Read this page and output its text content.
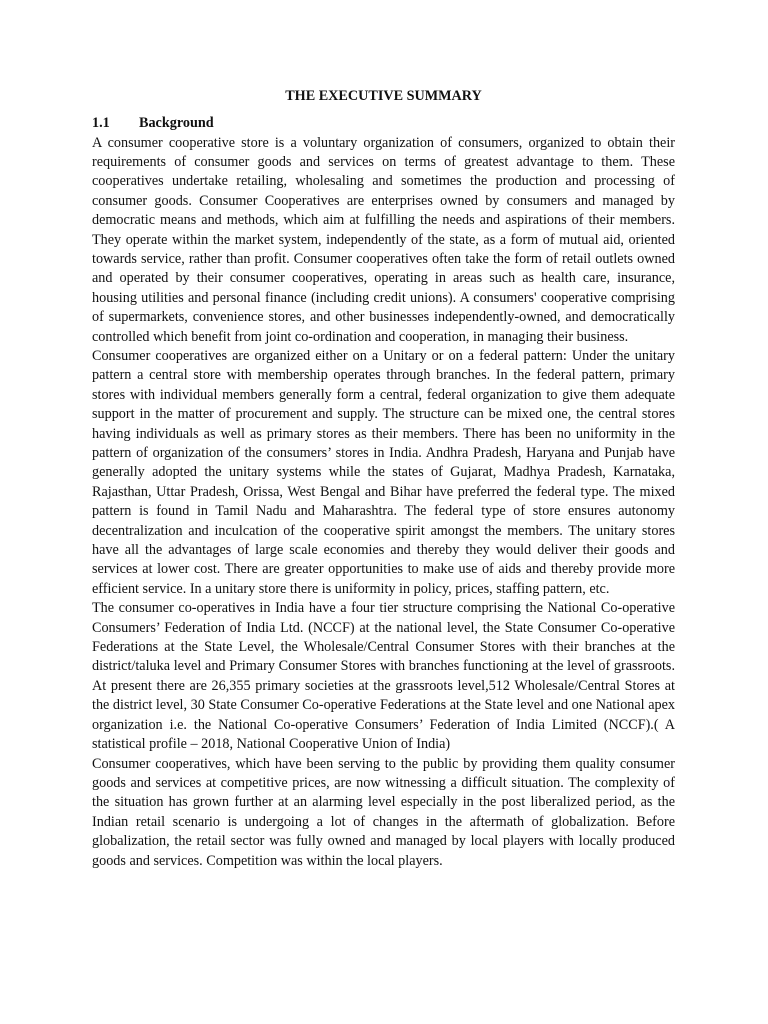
THE EXECUTIVE SUMMARY
1.1	Background

A consumer cooperative store is a voluntary organization of consumers, organized to obtain their requirements of consumer goods and services on terms of greatest advantage to them. These cooperatives undertake retailing, wholesaling and sometimes the production and processing of consumer goods. Consumer Cooperatives are enterprises owned by consumers and managed by democratic means and methods, which aim at fulfilling the needs and aspirations of their members. They operate within the market system, independently of the state, as a form of mutual aid, oriented towards service, rather than profit. Consumer cooperatives often take the form of retail outlets owned and operated by their consumer cooperatives, operating in areas such as health care, insurance, housing utilities and personal finance (including credit unions). A consumers' cooperative comprising of supermarkets, convenience stores, and other businesses independently-owned, and democratically controlled which benefit from joint co-ordination and cooperation, in managing their business.

Consumer cooperatives are organized either on a Unitary or on a federal pattern: Under the unitary pattern a central store with membership operates through branches. In the federal pattern, primary stores with individual members generally form a central, federal organization to give them adequate support in the matter of procurement and supply. The structure can be mixed one, the central stores having individuals as well as primary stores as their members. There has been no uniformity in the pattern of organization of the consumers’ stores in India. Andhra Pradesh, Haryana and Punjab have generally adopted the unitary systems while the states of Gujarat, Madhya Pradesh, Karnataka, Rajasthan, Uttar Pradesh, Orissa, West Bengal and Bihar have preferred the federal type. The mixed pattern is found in Tamil Nadu and Maharashtra. The federal type of store ensures autonomy decentralization and inculcation of the cooperative spirit amongst the members. The unitary stores have all the advantages of large scale economies and thereby they would deliver their goods and services at lower cost. There are greater opportunities to make use of aids and thereby provide more efficient service. In a unitary store there is uniformity in policy, prices, staffing pattern, etc.

The consumer co-operatives in India have a four tier structure comprising the National Co-operative Consumers’ Federation of India Ltd. (NCCF) at the national level, the State Consumer Co-operative Federations at the State Level, the Wholesale/Central Consumer Stores with their branches at the district/taluka level and Primary Consumer Stores with branches functioning at the level of grassroots. At present there are 26,355 primary societies at the grassroots level,512 Wholesale/Central Stores at the district level, 30 State Consumer Co-operative Federations at the State level and one National apex organization i.e. the National Co-operative Consumers’ Federation of India Limited (NCCF).( A statistical profile – 2018, National Cooperative Union of India)

Consumer cooperatives, which have been serving to the public by providing them quality consumer goods and services at competitive prices, are now witnessing a difficult situation. The complexity of the situation has grown further at an alarming level especially in the post liberalized period, as the Indian retail scenario is undergoing a lot of changes in the aftermath of globalization. Before globalization, the retail sector was fully owned and managed by local players with locally produced goods and services. Competition was within the local players.
